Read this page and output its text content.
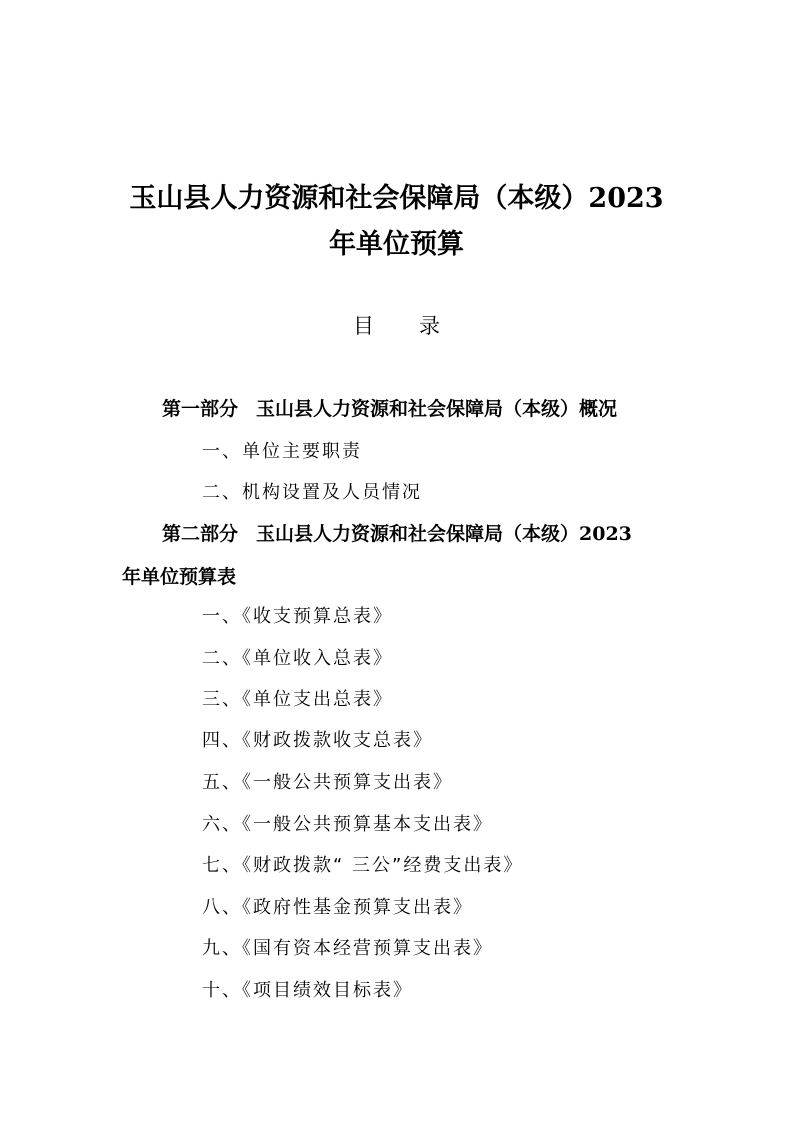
玉山县人力资源和社会保障局（本级）2023
年单位预算
目录
第一部分 玉山县人力资源和社会保障局（本级）概况
一、单位主要职责
二、机构设置及人员情况
第二部分 玉山县人力资源和社会保障局（本级）2023
年单位预算表
一、《收支预算总表》
二、《单位收入总表》
三、《单位支出总表》
四、《财政拨款收支总表》
五、《一般公共预算支出表》
六、《一般公共预算基本支出表》
七、《财政拨款“ 三公”经费支出表》
八、《政府性基金预算支出表》
九、《国有资本经营预算支出表》
十、《项目绩效目标表》
